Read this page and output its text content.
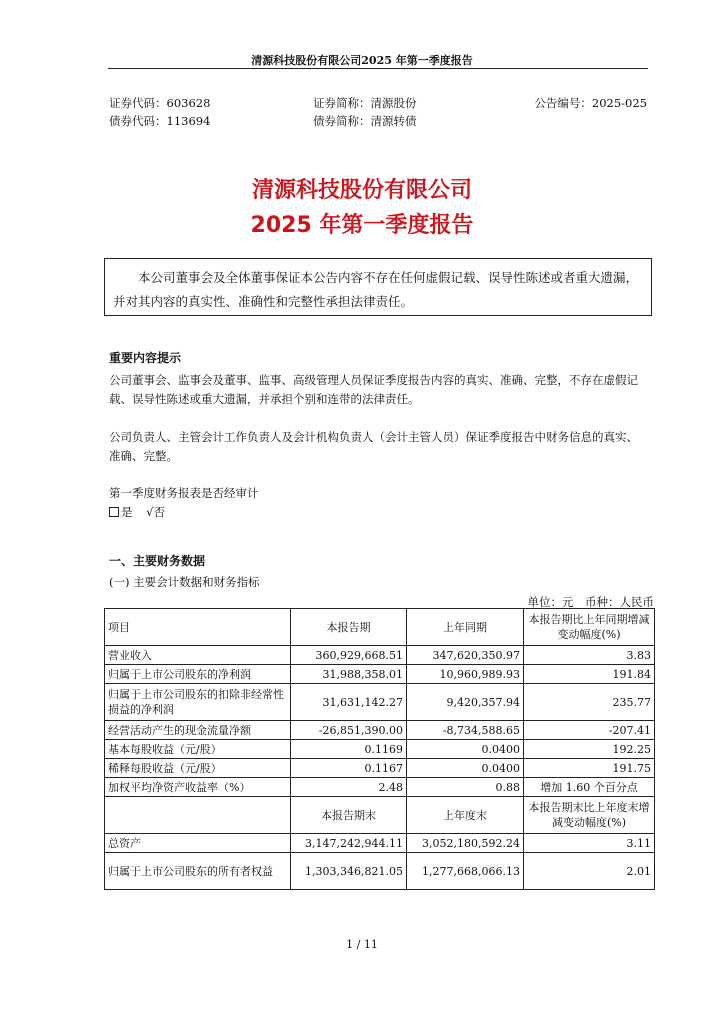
清源科技股份有限公司2025 年第一季度报告
证券代码：603628	证券简称：清源股份	公告编号：2025-025
债券代码：113694	债券简称：清源转债
清源科技股份有限公司
2025 年第一季度报告
本公司董事会及全体董事保证本公告内容不存在任何虚假记载、误导性陈述或者重大遗漏，并对其内容的真实性、准确性和完整性承担法律责任。
重要内容提示
公司董事会、监事会及董事、监事、高级管理人员保证季度报告内容的真实、准确、完整，不存在虚假记载、误导性陈述或重大遗漏，并承担个别和连带的法律责任。
公司负责人、主管会计工作负责人及会计机构负责人（会计主管人员）保证季度报告中财务信息的真实、准确、完整。
第一季度财务报表是否经审计
是 √否
一、主要财务数据
(一) 主要会计数据和财务指标
单位：元　币种：人民币
项目	本报告期	上年同期	本报告期比上年同期增减变动幅度(%)
营业收入	360,929,668.51	347,620,350.97	3.83
归属于上市公司股东的净利润	31,988,358.01	10,960,989.93	191.84
归属于上市公司股东的扣除非经常性损益的净利润	31,631,142.27	9,420,357.94	235.77
经营活动产生的现金流量净额	-26,851,390.00	-8,734,588.65	-207.41
基本每股收益（元/股）	0.1169	0.0400	192.25
稀释每股收益（元/股）	0.1167	0.0400	191.75
加权平均净资产收益率（%）	2.48	0.88	增加 1.60 个百分点
	本报告期末	上年度末	本报告期末比上年度末增减变动幅度(%)
总资产	3,147,242,944.11	3,052,180,592.24	3.11
归属于上市公司股东的所有者权益	1,303,346,821.05	1,277,668,066.13	2.01
1 / 11
